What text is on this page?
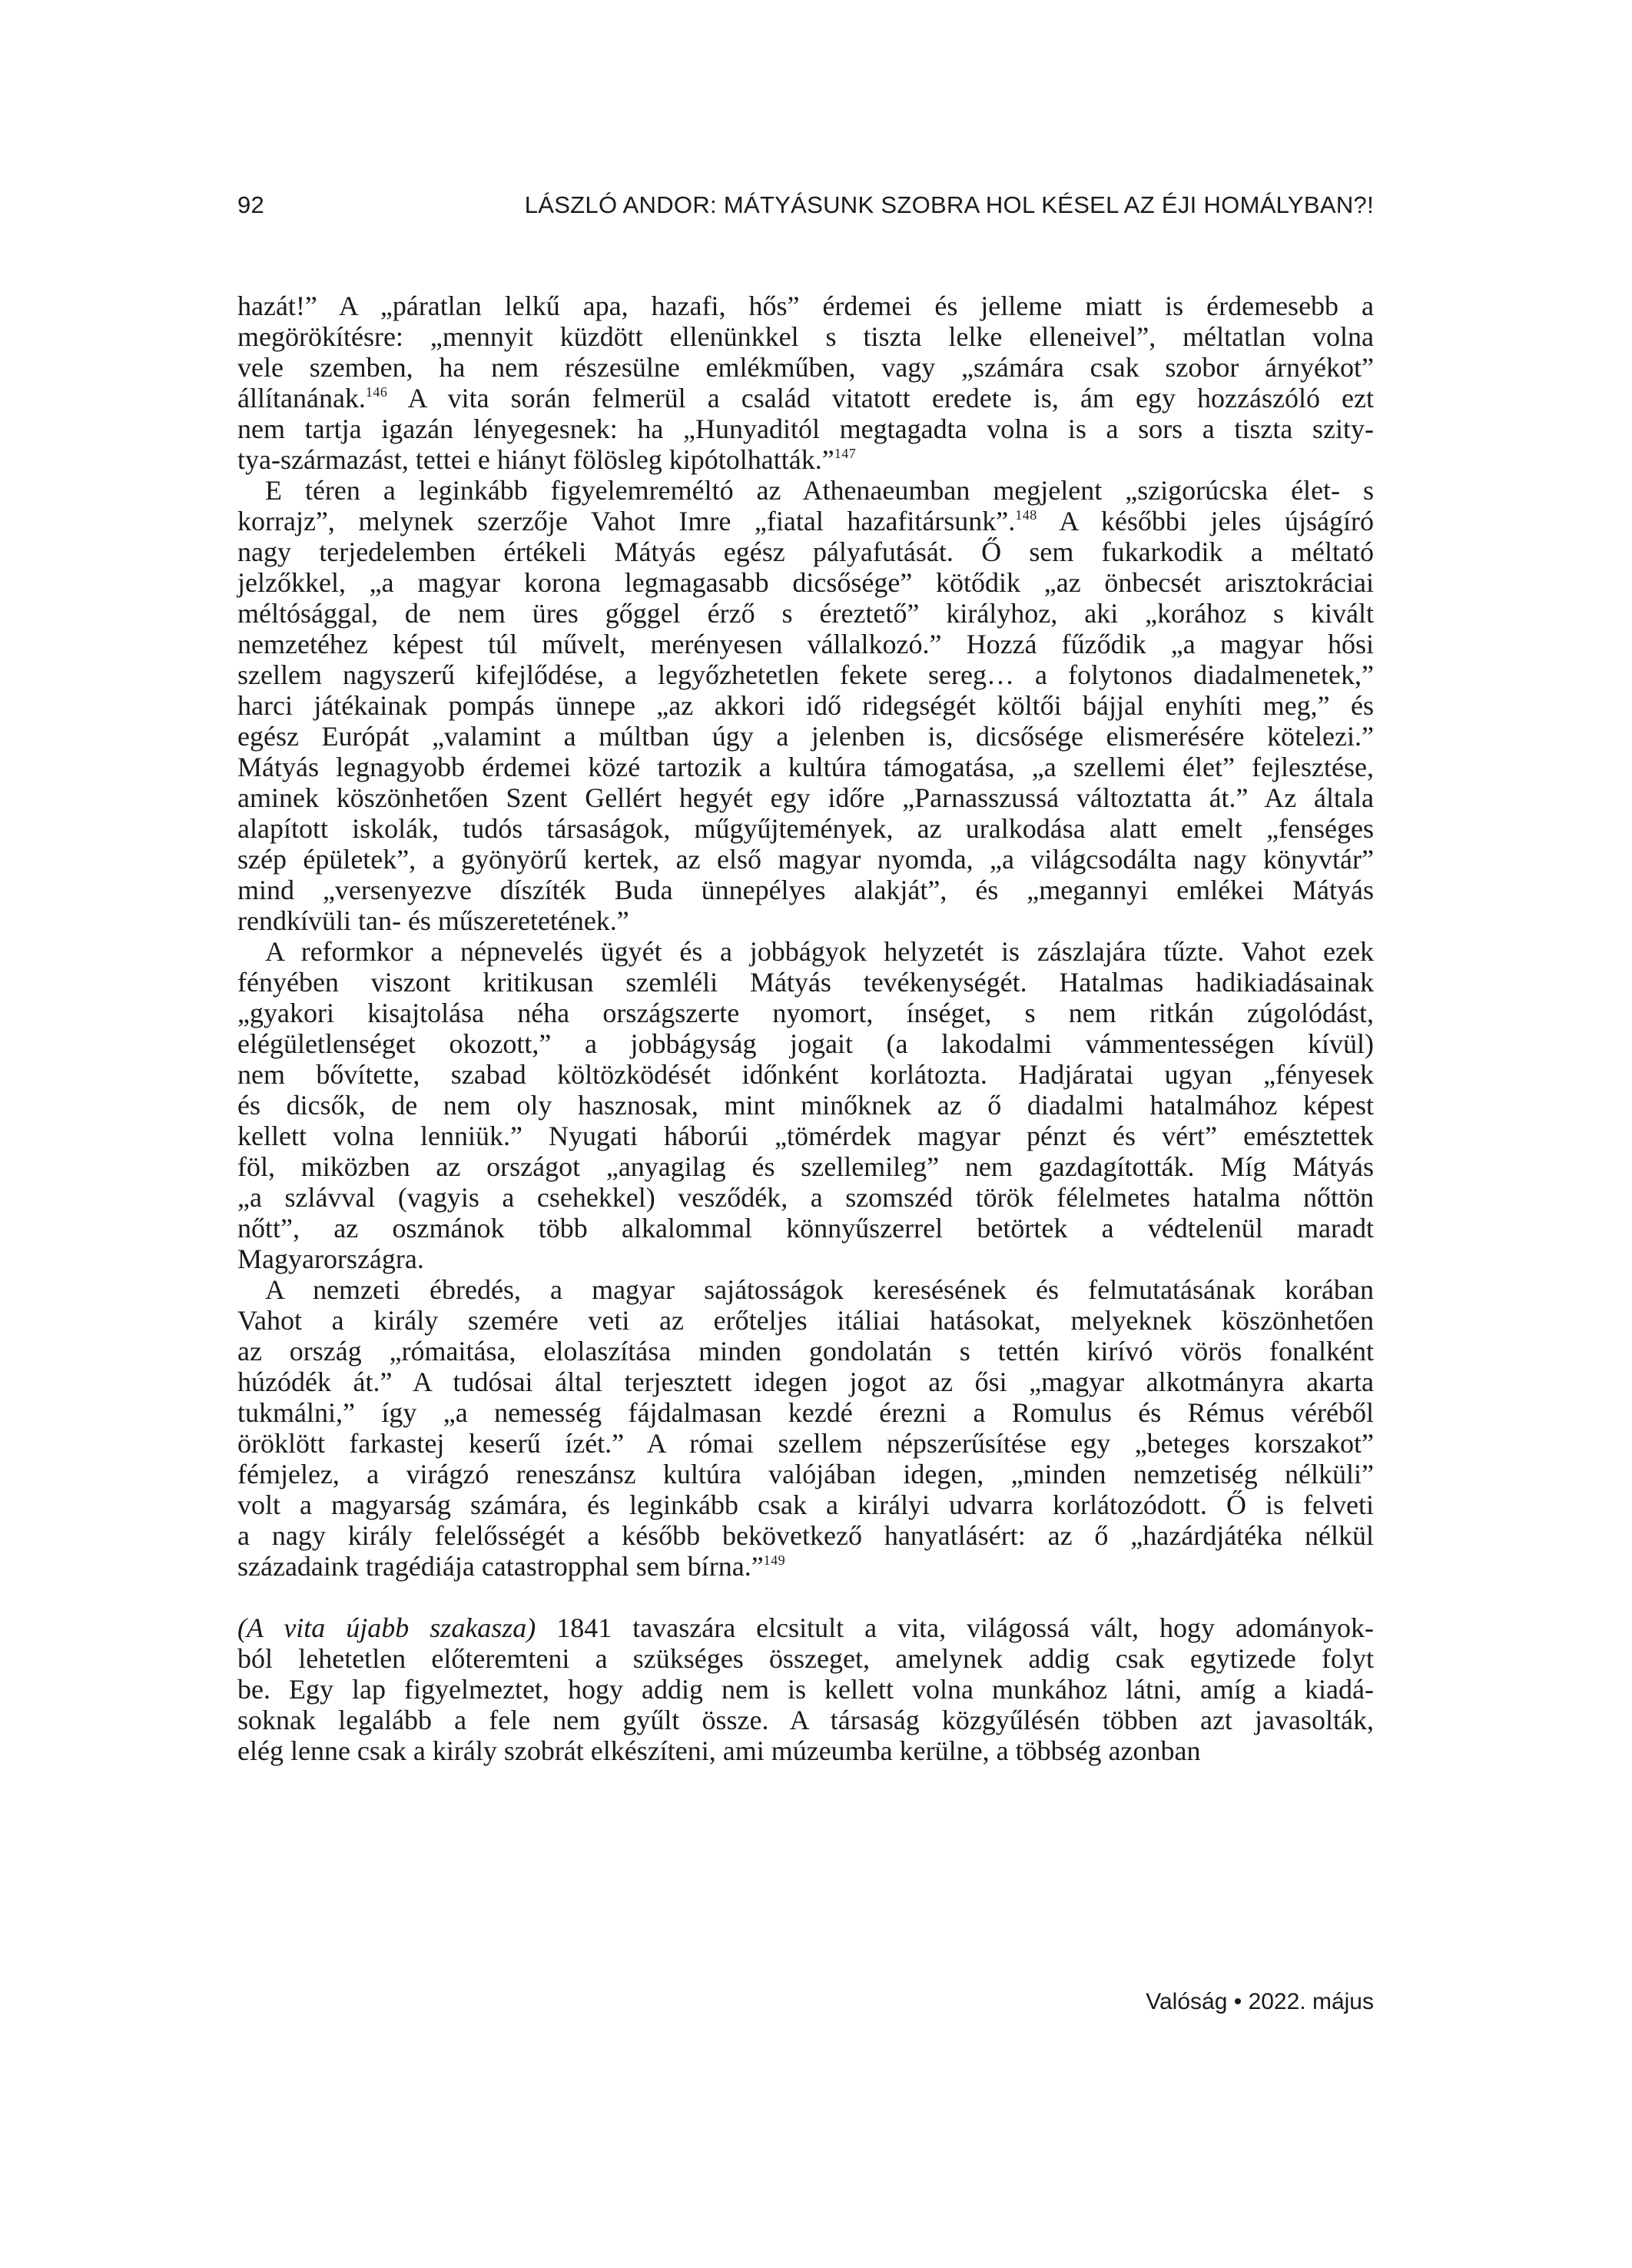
92	LÁSZLÓ ANDOR: MÁTYÁSUNK SZOBRA HOL KÉSEL AZ ÉJI HOMÁLYBAN?!
hazát!” A „páratlan lelkű apa, hazafi, hős” érdemei és jelleme miatt is érdemesebb a
megörökítésre: „mennyit küzdött ellenünkkel s tiszta lelke elleneivel”, méltatlan volna
vele szemben, ha nem részesülne emlékműben, vagy „számára csak szobor árnyékot”
állítanának.$^{146}$ A vita során felmerül a család vitatott eredete is, ám egy hozzászóló ezt
nem tartja igazán lényegesnek: ha „Hunyaditól megtagadta volna is a sors a tiszta szity-
tya-származást, tettei e hiányt fölösleg kipótolhatták.”$^{147}$
E téren a leginkább figyelemreméltó az Athenaeumban megjelent „szigorúcska élet- s
korrajz”, melynek szerzője Vahot Imre „fiatal hazafitársunk”.$^{148}$ A későbbi jeles újságíró
nagy terjedelemben értékeli Mátyás egész pályafutását. Ő sem fukarkodik a méltató
jelzőkkel, „a magyar korona legmagasabb dicsősége” kötődik „az önbecsét arisztokráciai
méltósággal, de nem üres gőggel érző s éreztető” királyhoz, aki „korához s kivált
nemzetéhez képest túl művelt, merényesen vállalkozó.” Hozzá fűződik „a magyar hősi
szellem nagyszerű kifejlődése, a legyőzhetetlen fekete sereg… a folytonos diadalmenetek,”
harci játékainak pompás ünnepe „az akkori idő ridegségét költői bájjal enyhíti meg,” és
egész Európát „valamint a múltban úgy a jelenben is, dicsősége elismerésére kötelezi.”
Mátyás legnagyobb érdemei közé tartozik a kultúra támogatása, „a szellemi élet” fejlesztése,
aminek köszönhetően Szent Gellért hegyét egy időre „Parnasszussá változtatta át.” Az általa
alapított iskolák, tudós társaságok, műgyűjtemények, az uralkodása alatt emelt „fenséges
szép épületek”, a gyönyörű kertek, az első magyar nyomda, „a világcsodálta nagy könyvtár”
mind „versenyezve díszíték Buda ünnepélyes alakját”, és „megannyi emlékei Mátyás
rendkívüli tan- és műszeretetének.”
A reformkor a népnevelés ügyét és a jobbágyok helyzetét is zászlajára tűzte. Vahot ezek
fényében viszont kritikusan szemléli Mátyás tevékenységét. Hatalmas hadikiadásainak
„gyakori kisajtolása néha országszerte nyomort, ínséget, s nem ritkán zúgolódást,
elégületlenséget okozott,” a jobbágyság jogait (a lakodalmi vámmentességen kívül)
nem bővítette, szabad költözködését időnként korlátozta. Hadjáratai ugyan „fényesek
és dicsők, de nem oly hasznosak, mint minőknek az ő diadalmi hatalmához képest
kellett volna lenniük.” Nyugati háborúi „tömérdek magyar pénzt és vért” emésztettek
föl, miközben az országot „anyagilag és szellemileg” nem gazdagították. Míg Mátyás
„a szlávval (vagyis a csehekkel) vesződék, a szomszéd török félelmetes hatalma nőttön
nőtt”, az oszmánok több alkalommal könnyűszerrel betörtek a védtelenül maradt
Magyarországra.
A nemzeti ébredés, a magyar sajátosságok keresésének és felmutatásának korában
Vahot a király szemére veti az erőteljes itáliai hatásokat, melyeknek köszönhetően
az ország „rómaitása, elolaszítása minden gondolatán s tettén kirívó vörös fonalként
húzódék át.” A tudósai által terjesztett idegen jogot az ősi „magyar alkotmányra akarta
tukmálni,” így „a nemesség fájdalmasan kezdé érezni a Romulus és Rémus véréből
öröklött farkastej keserű ízét.” A római szellem népszerűsítése egy „beteges korszakot”
fémjelez, a virágzó reneszánsz kultúra valójában idegen, „minden nemzetiség nélküli”
volt a magyarság számára, és leginkább csak a királyi udvarra korlátozódott. Ő is felveti
a nagy király felelősségét a később bekövetkező hanyatlásért: az ő „hazárdjátéka nélkül
századaink tragédiája catastropphal sem bírna.”$^{149}$
(A vita újabb szakasza) 1841 tavaszára elcsitult a vita, világossá vált, hogy adományok-
ból lehetetlen előteremteni a szükséges összeget, amelynek addig csak egytizede folyt
be. Egy lap figyelmeztet, hogy addig nem is kellett volna munkához látni, amíg a kiadá-
soknak legalább a fele nem gyűlt össze. A társaság közgyűlésén többen azt javasolták,
elég lenne csak a király szobrát elkészíteni, ami múzeumba kerülne, a többség azonban
Valóság • 2022. május
